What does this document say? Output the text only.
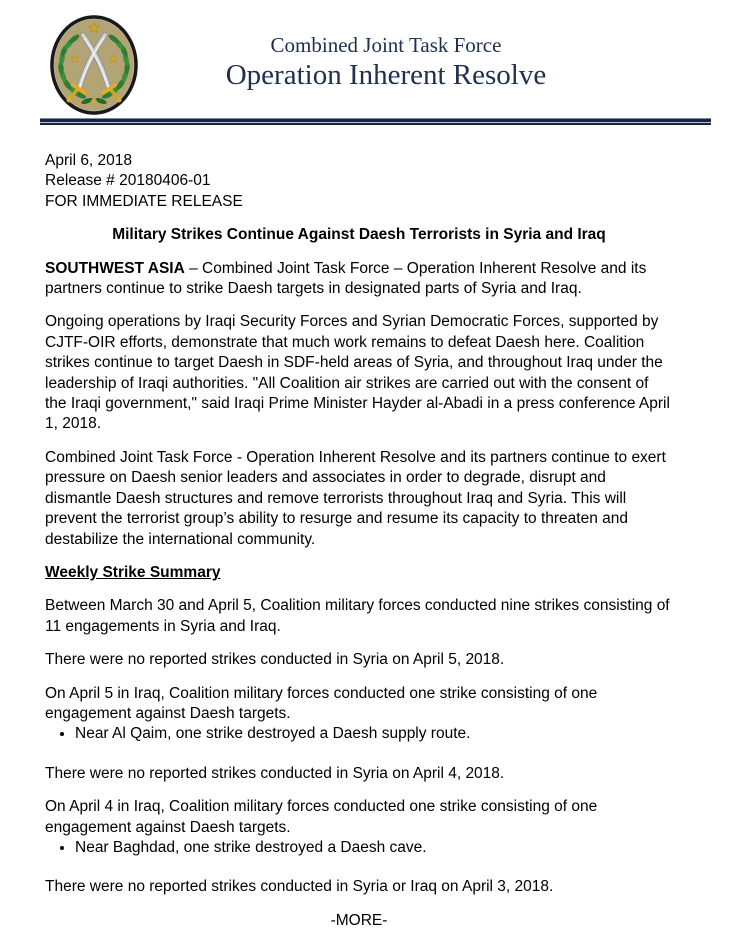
Combined Joint Task Force
Operation Inherent Resolve
April 6, 2018
Release # 20180406-01
FOR IMMEDIATE RELEASE
Military Strikes Continue Against Daesh Terrorists in Syria and Iraq

SOUTHWEST ASIA – Combined Joint Task Force – Operation Inherent Resolve and its partners continue to strike Daesh targets in designated parts of Syria and Iraq.

Ongoing operations by Iraqi Security Forces and Syrian Democratic Forces, supported by CJTF-OIR efforts, demonstrate that much work remains to defeat Daesh here. Coalition strikes continue to target Daesh in SDF-held areas of Syria, and throughout Iraq under the leadership of Iraqi authorities. "All Coalition air strikes are carried out with the consent of the Iraqi government," said Iraqi Prime Minister Hayder al-Abadi in a press conference April 1, 2018.

Combined Joint Task Force - Operation Inherent Resolve and its partners continue to exert pressure on Daesh senior leaders and associates in order to degrade, disrupt and dismantle Daesh structures and remove terrorists throughout Iraq and Syria. This will prevent the terrorist group’s ability to resurge and resume its capacity to threaten and destabilize the international community.

Weekly Strike Summary

Between March 30 and April 5, Coalition military forces conducted nine strikes consisting of 11 engagements in Syria and Iraq.

There were no reported strikes conducted in Syria on April 5, 2018.

On April 5 in Iraq, Coalition military forces conducted one strike consisting of one engagement against Daesh targets.

• Near Al Qaim, one strike destroyed a Daesh supply route.

There were no reported strikes conducted in Syria on April 4, 2018.

On April 4 in Iraq, Coalition military forces conducted one strike consisting of one engagement against Daesh targets.

• Near Baghdad, one strike destroyed a Daesh cave.

There were no reported strikes conducted in Syria or Iraq on April 3, 2018.

-MORE-
